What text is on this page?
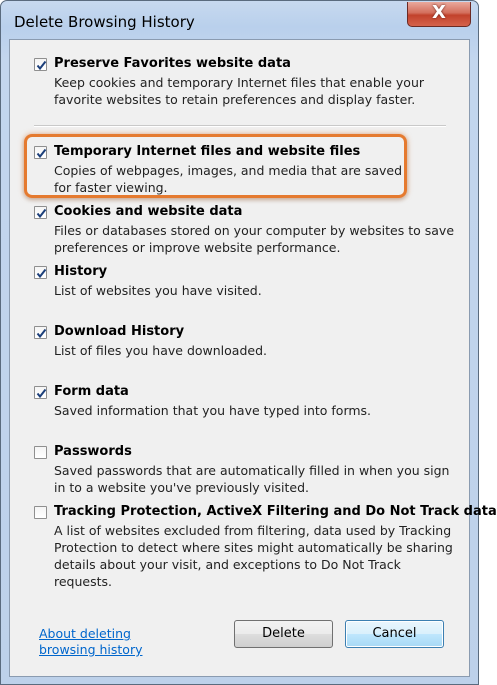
Delete Browsing History	X
Preserve Favorites website data
Keep cookies and temporary Internet files that enable your favorite websites to retain preferences and display faster.
Temporary Internet files and website files
Copies of webpages, images, and media that are saved for faster viewing.
Cookies and website data
Files or databases stored on your computer by websites to save preferences or improve website performance.
History
List of websites you have visited.
Download History
List of files you have downloaded.
Form data
Saved information that you have typed into forms.
Passwords
Saved passwords that are automatically filled in when you sign in to a website you've previously visited.
Tracking Protection, ActiveX Filtering and Do Not Track data
A list of websites excluded from filtering, data used by Tracking Protection to detect where sites might automatically be sharing details about your visit, and exceptions to Do Not Track requests.
About deleting browsing history
Delete	Cancel
